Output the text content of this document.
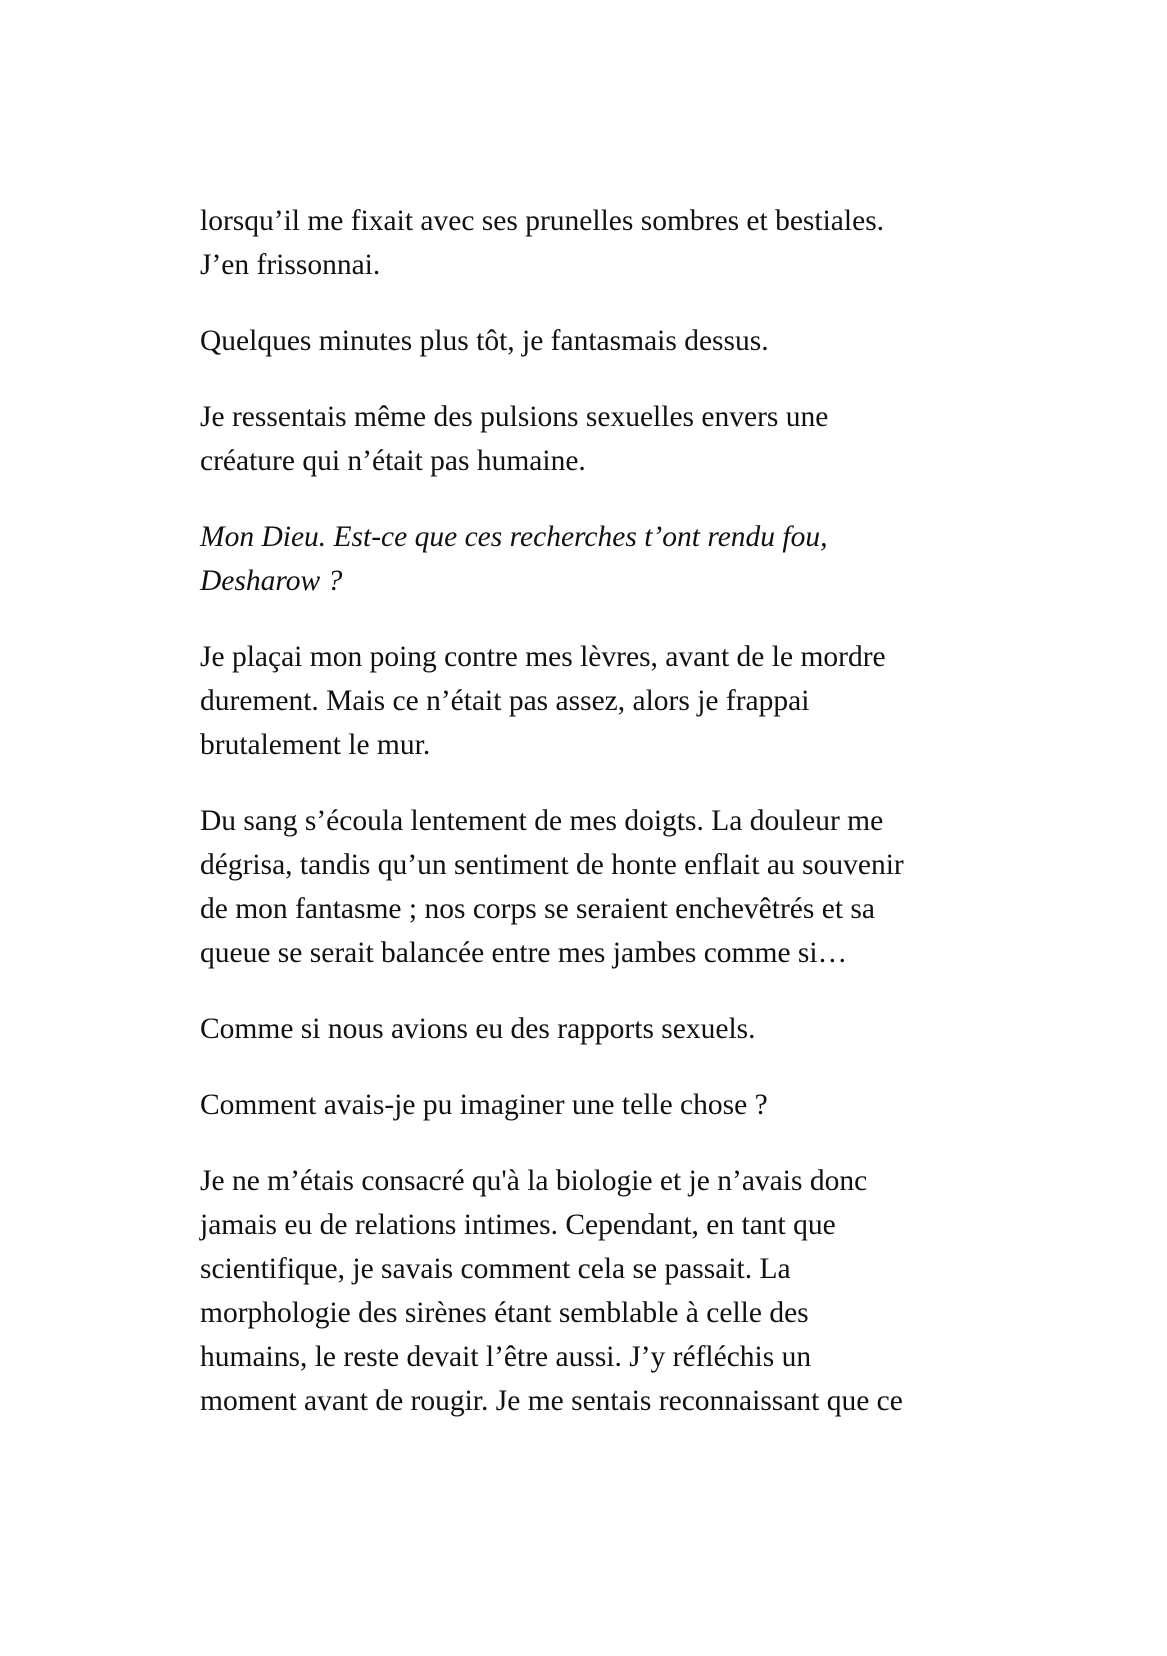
lorsqu’il me fixait avec ses prunelles sombres et bestiales.
J’en frissonnai.

Quelques minutes plus tôt, je fantasmais dessus.

Je ressentais même des pulsions sexuelles envers une
créature qui n’était pas humaine.

Mon Dieu. Est-ce que ces recherches t’ont rendu fou,
Desharow ?

Je plaçai mon poing contre mes lèvres, avant de le mordre
durement. Mais ce n’était pas assez, alors je frappai
brutalement le mur.

Du sang s’écoula lentement de mes doigts. La douleur me
dégrisa, tandis qu’un sentiment de honte enflait au souvenir
de mon fantasme ; nos corps se seraient enchevêtrés et sa
queue se serait balancée entre mes jambes comme si…

Comme si nous avions eu des rapports sexuels.

Comment avais-je pu imaginer une telle chose ?

Je ne m’étais consacré qu'à la biologie et je n’avais donc
jamais eu de relations intimes. Cependant, en tant que
scientifique, je savais comment cela se passait. La
morphologie des sirènes étant semblable à celle des
humains, le reste devait l’être aussi. J’y réfléchis un
moment avant de rougir. Je me sentais reconnaissant que ce
